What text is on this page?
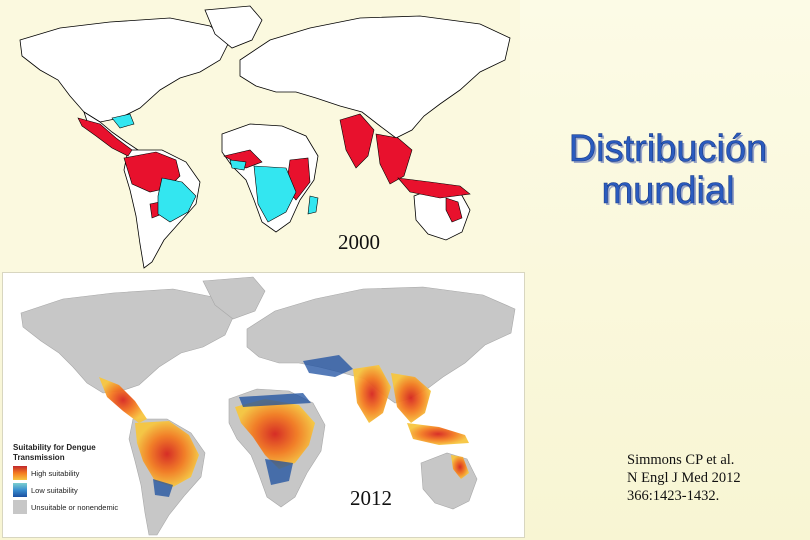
2000
Suitability for Dengue Transmission
High suitability
Low suitability
Unsuitable or nonendemic	2012
Distribución
mundial
Simmons CP et al.
N Engl J Med 2012
366:1423-1432.
